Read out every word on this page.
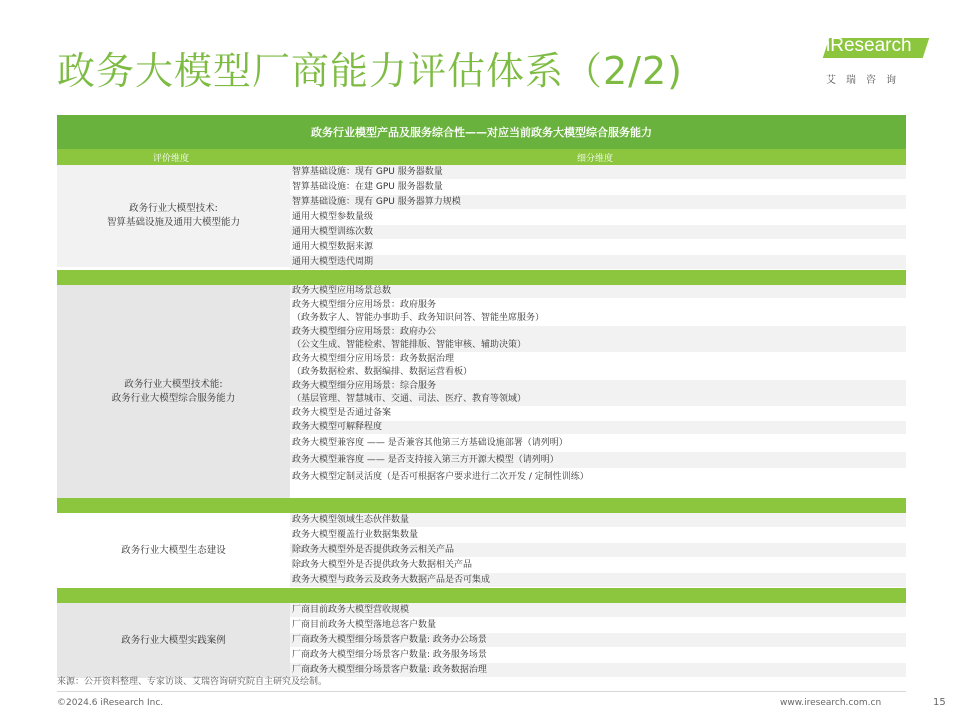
政务大模型厂商能力评估体系（2/2)
iResearch
艾瑞咨询
政务行业模型产品及服务综合性——对应当前政务大模型综合服务能力
评价维度	细分维度
政务行业大模型技术:
智算基础设施及通用大模型能力
智算基础设施：现有 GPU 服务器数量
智算基础设施：在建 GPU 服务器数量
智算基础设施：现有 GPU 服务器算力规模
通用大模型参数量级
通用大模型训练次数
通用大模型数据来源
通用大模型迭代周期
政务行业大模型技术能:
政务行业大模型综合服务能力
政务大模型应用场景总数
政务大模型细分应用场景：政府服务
（政务数字人、智能办事助手、政务知识问答、智能坐席服务）
政务大模型细分应用场景：政府办公
（公文生成、智能检索、智能排版、智能审核、辅助决策）
政务大模型细分应用场景：政务数据治理
（政务数据检索、数据编排、数据运营看板）
政务大模型细分应用场景：综合服务
（基层管理、智慧城市、交通、司法、医疗、教育等领域）
政务大模型是否通过备案
政务大模型可解释程度
政务大模型兼容度 —— 是否兼容其他第三方基础设施部署（请列明）
政务大模型兼容度 —— 是否支持接入第三方开源大模型（请列明）
政务大模型定制灵活度（是否可根据客户要求进行二次开发 / 定制性训练）
政务行业大模型生态建设
政务大模型领域生态伙伴数量
政务大模型覆盖行业数据集数量
除政务大模型外是否提供政务云相关产品
除政务大模型外是否提供政务大数据相关产品
政务大模型与政务云及政务大数据产品是否可集成
政务行业大模型实践案例
厂商目前政务大模型营收规模
厂商目前政务大模型落地总客户数量
厂商政务大模型细分场景客户数量: 政务办公场景
厂商政务大模型细分场景客户数量: 政务服务场景
厂商政务大模型细分场景客户数量: 政务数据治理
来源：公开资料整理、专家访谈、艾瑞咨询研究院自主研究及绘制。
©2024.6 iResearch Inc.	www.iresearch.com.cn	15
